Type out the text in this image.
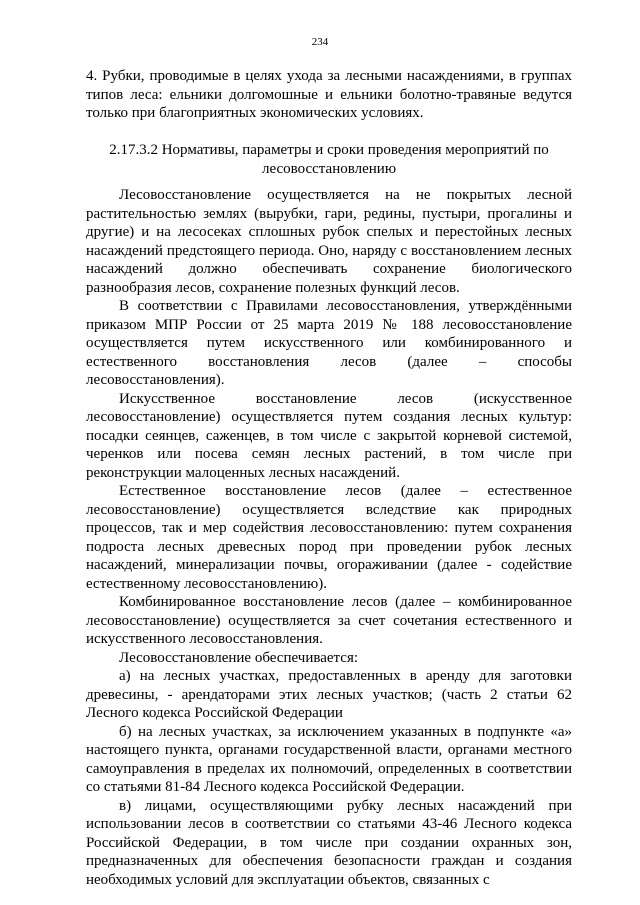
234

4. Рубки, проводимые в целях ухода за лесными насаждениями, в группах типов леса: ельники долгомошные и ельники болотно-травяные ведутся только при благоприятных экономических условиях.

2.17.3.2 Нормативы, параметры и сроки проведения мероприятий по лесовосстановлению

Лесовосстановление осуществляется на не покрытых лесной растительностью землях (вырубки, гари, редины, пустыри, прогалины и другие) и на лесосеках сплошных рубок спелых и перестойных лесных насаждений предстоящего периода. Оно, наряду с восстановлением лесных насаждений должно обеспечивать сохранение биологического разнообразия лесов, сохранение полезных функций лесов.

В соответствии с Правилами лесовосстановления, утверждёнными приказом МПР России от 25 марта 2019 № 188 лесовосстановление осуществляется путем искусственного или комбинированного и естественного восстановления лесов (далее – способы лесовосстановления).

Искусственное восстановление лесов (искусственное лесовосстановление) осуществляется путем создания лесных культур: посадки сеянцев, саженцев, в том числе с закрытой корневой системой, черенков или посева семян лесных растений, в том числе при реконструкции малоценных лесных насаждений.

Естественное восстановление лесов (далее – естественное лесовосстановление) осуществляется вследствие как природных процессов, так и мер содействия лесовосстановлению: путем сохранения подроста лесных древесных пород при проведении рубок лесных насаждений, минерализации почвы, огораживании (далее - содействие естественному лесовосстановлению).

Комбинированное восстановление лесов (далее – комбинированное лесовосстановление) осуществляется за счет сочетания естественного и искусственного лесовосстановления.

Лесовосстановление обеспечивается:

а) на лесных участках, предоставленных в аренду для заготовки древесины, - арендаторами этих лесных участков; (часть 2 статьи 62 Лесного кодекса Российской Федерации

б) на лесных участках, за исключением указанных в подпункте «а» настоящего пункта, органами государственной власти, органами местного самоуправления в пределах их полномочий, определенных в соответствии со статьями 81-84 Лесного кодекса Российской Федерации.

в) лицами, осуществляющими рубку лесных насаждений при использовании лесов в соответствии со статьями 43-46 Лесного кодекса Российской Федерации, в том числе при создании охранных зон, предназначенных для обеспечения безопасности граждан и создания необходимых условий для эксплуатации объектов, связанных с
